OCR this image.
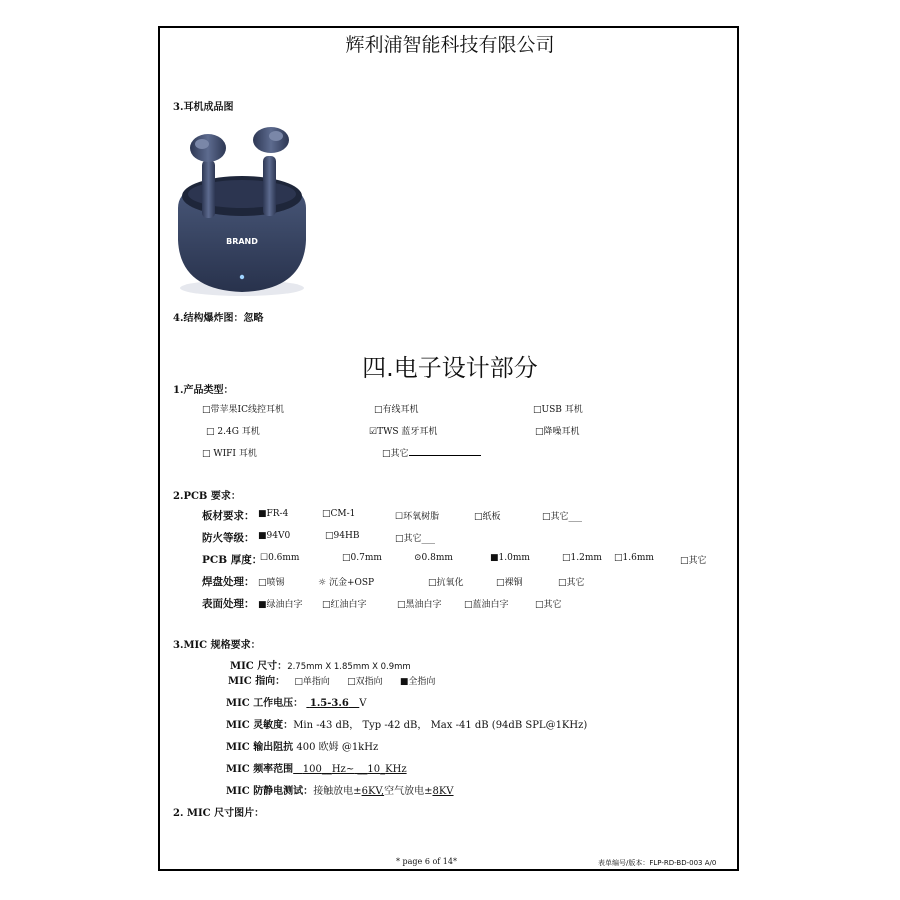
辉利浦智能科技有限公司
3.耳机成品图
BRAND
4.结构爆炸图：忽略
四.电子设计部分
1.产品类型：
□带苹果IC线控耳机	□有线耳机	□USB 耳机
□ 2.4G 耳机	☑TWS 蓝牙耳机	□降噪耳机
□ WIFI 耳机	□其它
2.PCB 要求：
板材要求： ■FR-4	□CM-1	☐环氧树脂	□纸板	□其它___
防火等级： ■94V0	□94HB	□其它___
PCB 厚度：
☐0.6mm	□0.7mm	⊙0.8mm	■1.0mm	□1.2mm □1.6mm	□其它
焊盘处理： □喷锡	☼ 沉金+OSP	□抗氧化	□裸铜	□其它
表面处理： ■绿油白字 □红油白字	□黑油白字 □蓝油白字	□其它
3.MIC 规格要求：
MIC 尺寸：2.75mm X 1.85mm X 0.9mm
MIC 指向： □单指向 □双指向 ■全指向
MIC 工作电压： 1.5-3.6 V
MIC 灵敏度：Min -43 dB， Typ -42 dB， Max -41 dB (94dB SPL@1KHz)
MIC 输出阻抗 400 欧姆 @1kHz
MIC 频率范围 100__Hz~ __10_KHz
MIC 防静电测试：接触放电±6KV,空气放电±8KV
2. MIC 尺寸图片：
* page 6 of 14*	表单编号/版本：FLP-RD-BD-003 A/0
